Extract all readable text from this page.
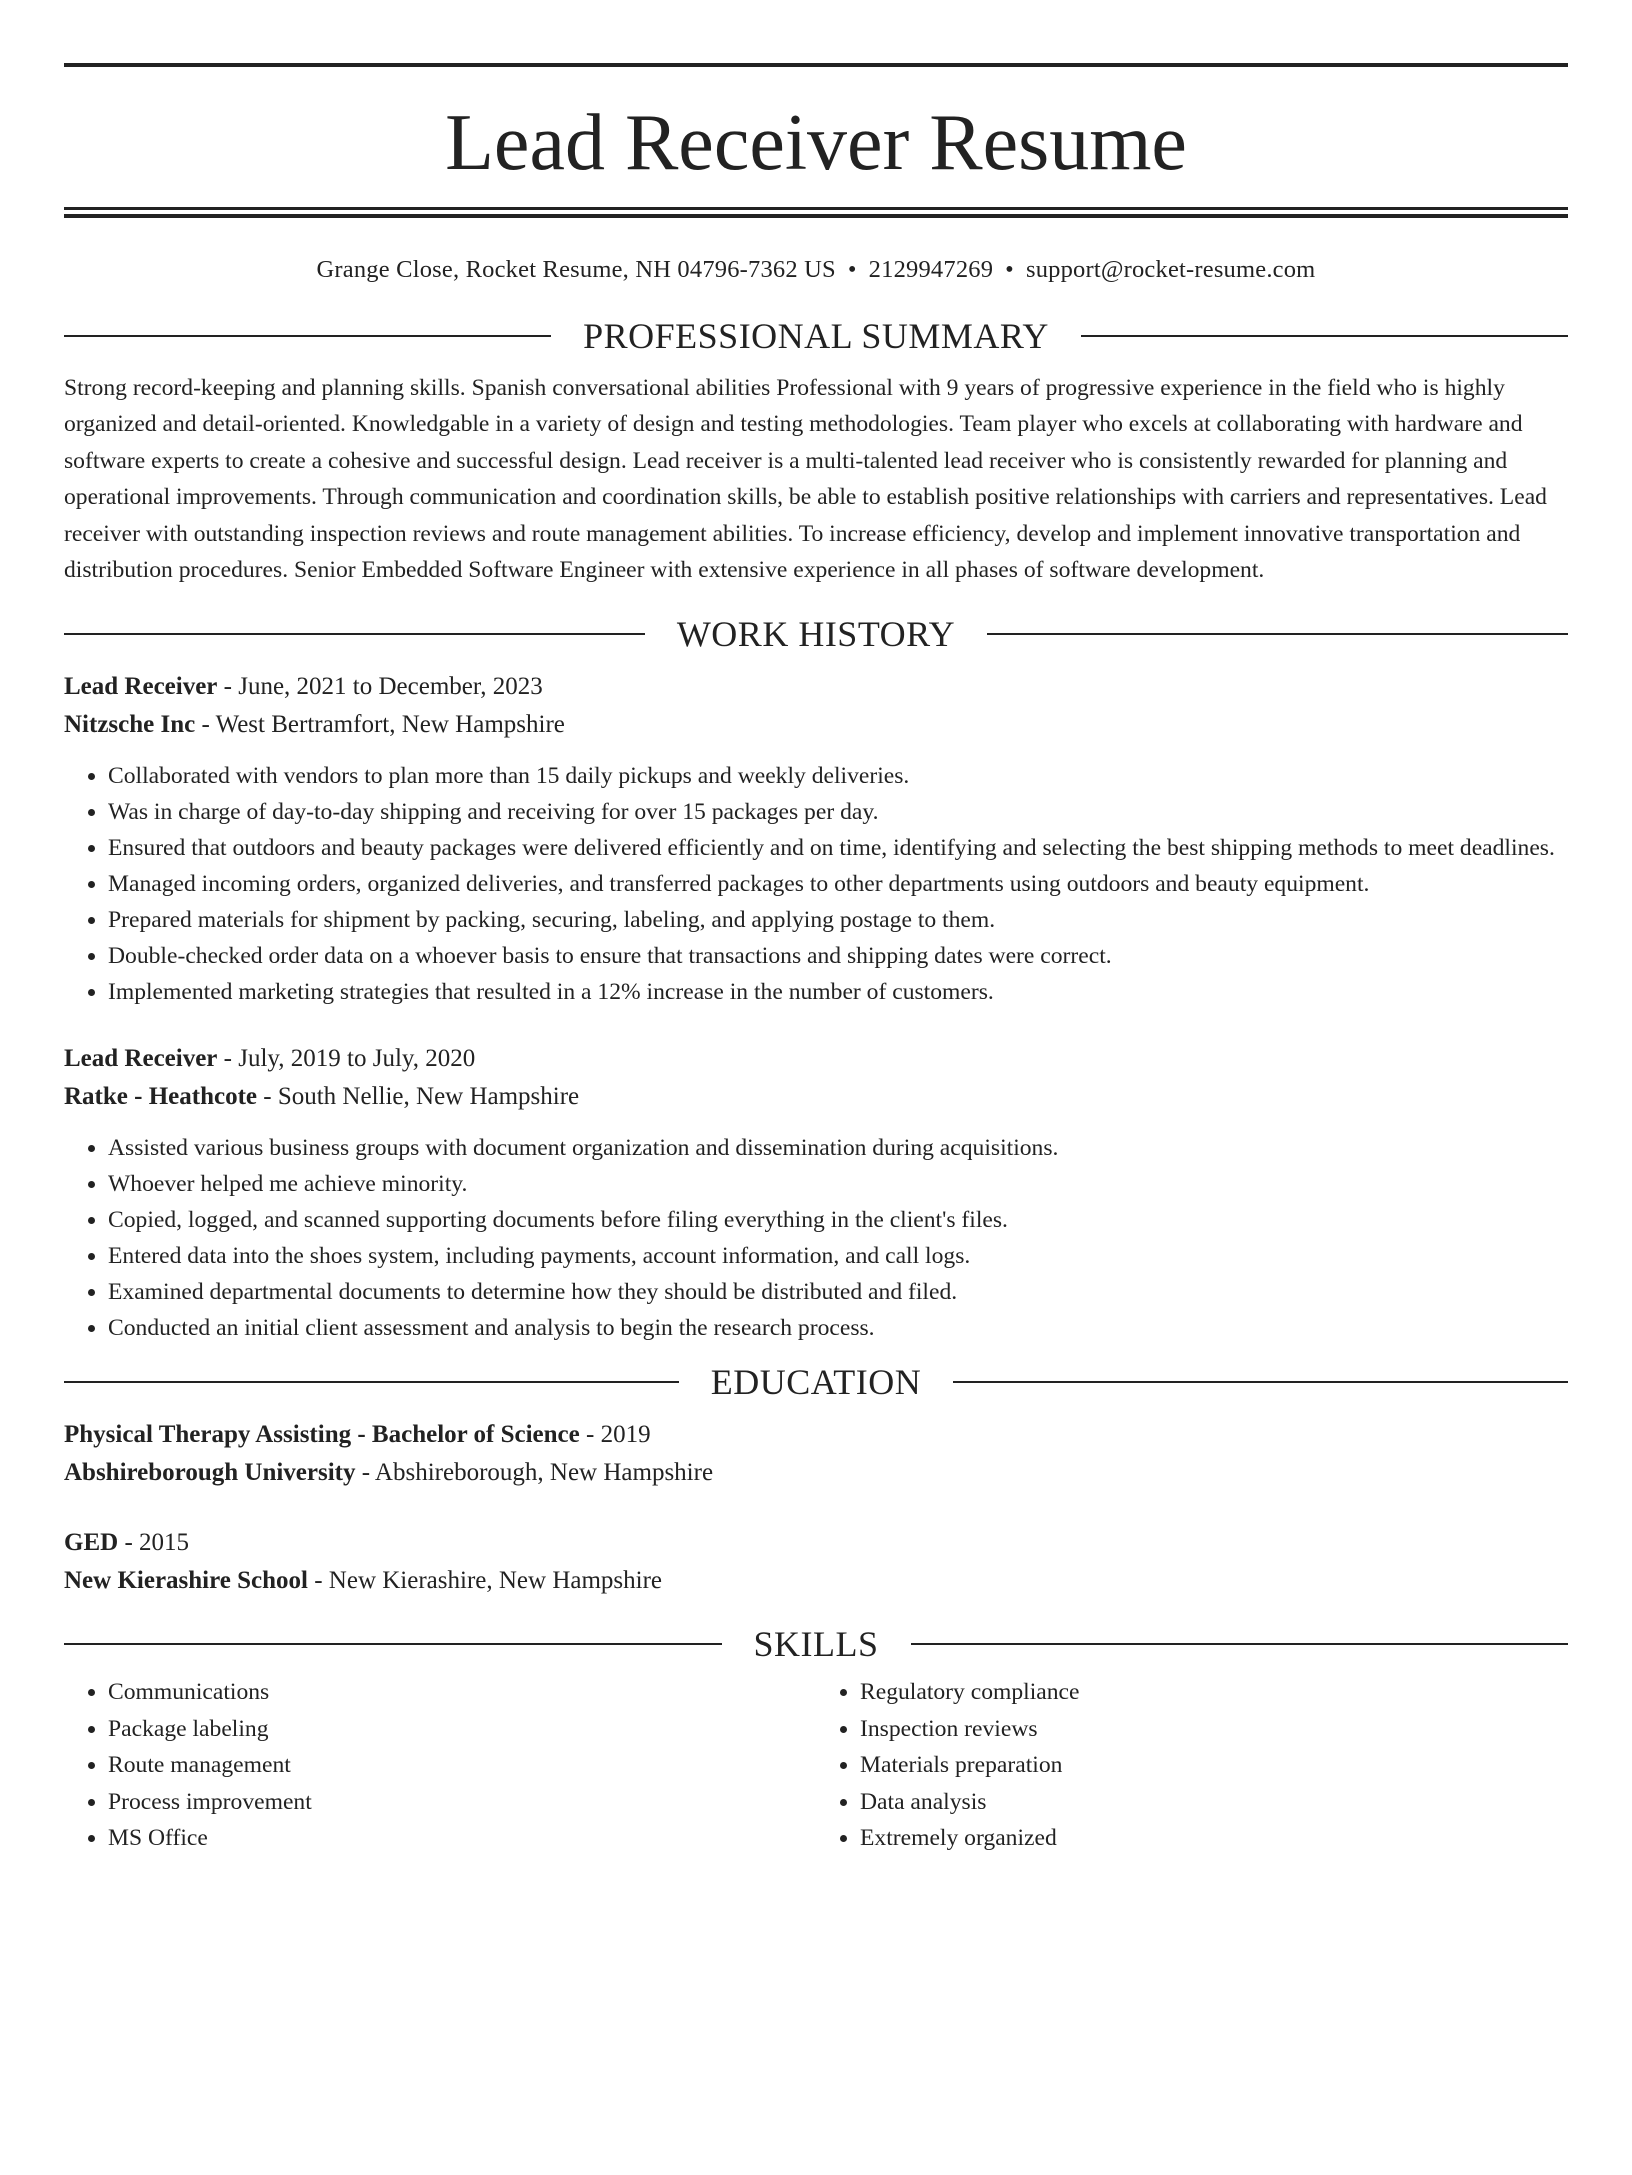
Lead Receiver Resume
Grange Close, Rocket Resume, NH 04796-7362 US • 2129947269 • support@rocket-resume.com
PROFESSIONAL SUMMARY

Strong record-keeping and planning skills. Spanish conversational abilities Professional with 9 years of progressive experience in the field who is highly organized and detail-oriented. Knowledgable in a variety of design and testing methodologies. Team player who excels at collaborating with hardware and software experts to create a cohesive and successful design. Lead receiver is a multi-talented lead receiver who is consistently rewarded for planning and operational improvements. Through communication and coordination skills, be able to establish positive relationships with carriers and representatives. Lead receiver with outstanding inspection reviews and route management abilities. To increase efficiency, develop and implement innovative transportation and distribution procedures. Senior Embedded Software Engineer with extensive experience in all phases of software development.

WORK HISTORY
Lead Receiver - June, 2021 to December, 2023
Nitzsche Inc - West Bertramfort, New Hampshire
• Collaborated with vendors to plan more than 15 daily pickups and weekly deliveries.
• Was in charge of day-to-day shipping and receiving for over 15 packages per day.
• Ensured that outdoors and beauty packages were delivered efficiently and on time, identifying and selecting the best shipping methods to meet deadlines.
• Managed incoming orders, organized deliveries, and transferred packages to other departments using outdoors and beauty equipment.
• Prepared materials for shipment by packing, securing, labeling, and applying postage to them.
• Double-checked order data on a whoever basis to ensure that transactions and shipping dates were correct.
• Implemented marketing strategies that resulted in a 12% increase in the number of customers.
Lead Receiver - July, 2019 to July, 2020
Ratke - Heathcote - South Nellie, New Hampshire
• Assisted various business groups with document organization and dissemination during acquisitions.
• Whoever helped me achieve minority.
• Copied, logged, and scanned supporting documents before filing everything in the client's files.
• Entered data into the shoes system, including payments, account information, and call logs.
• Examined departmental documents to determine how they should be distributed and filed.
• Conducted an initial client assessment and analysis to begin the research process.
EDUCATION
Physical Therapy Assisting - Bachelor of Science - 2019
Abshireborough University - Abshireborough, New Hampshire
GED - 2015
New Kierashire School - New Kierashire, New Hampshire
SKILLS
• Communications
• Package labeling
• Route management
• Process improvement
• MS Office
• Regulatory compliance
• Inspection reviews
• Materials preparation
• Data analysis
• Extremely organized
